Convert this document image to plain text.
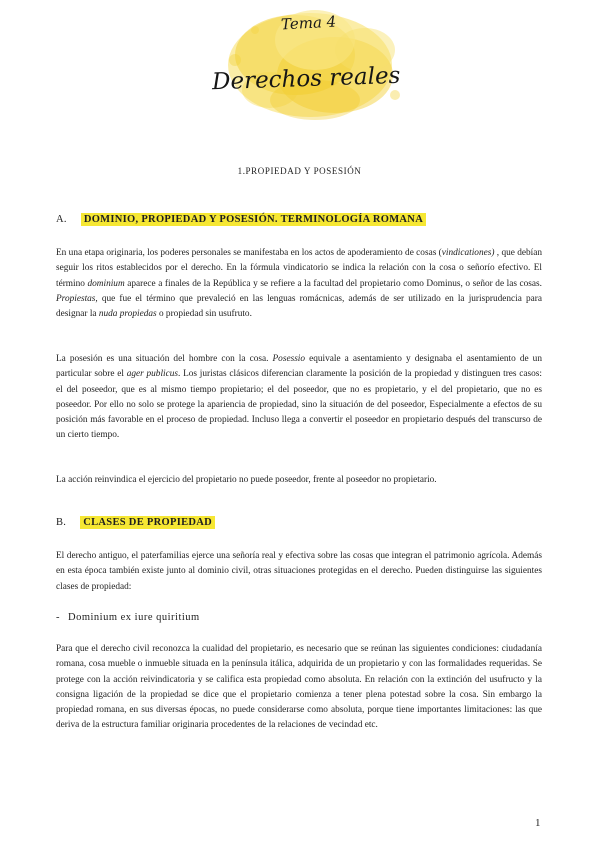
Tema 4
Derechos reales
1.PROPIEDAD Y POSESIÓN
A. DOMINIO, PROPIEDAD Y POSESIÓN. TERMINOLOGÍA ROMANA

En una etapa originaria, los poderes personales se manifestaba en los actos de apoderamiento de cosas (vindicationes) , que debían seguir los ritos establecidos por el derecho. En la fórmula vindicatorio se indica la relación con la cosa o señorío efectivo. El término dominium aparece a finales de la República y se refiere a la facultad del propietario como Dominus, o señor de las cosas. Propiestas, que fue el término que prevaleció en las lenguas romácnicas, además de ser utilizado en la jurisprudencia para designar la nuda propiedas o propiedad sin usufruto.

La posesión es una situación del hombre con la cosa. Posessio equivale a asentamiento y designaba el asentamiento de un particular sobre el ager publicus. Los juristas clásicos diferencian claramente la posición de la propiedad y distinguen tres casos: el del poseedor, que es al mismo tiempo propietario; el del poseedor, que no es propietario, y el del propietario, que no es poseedor. Por ello no solo se protege la apariencia de propiedad, sino la situación de del poseedor, Especialmente a efectos de su posición más favorable en el proceso de propiedad. Incluso llega a convertir el poseedor en propietario después del transcurso de un cierto tiempo.

La acción reinvindica el ejercicio del propietario no puede poseedor, frente al poseedor no propietario.

B. CLASES DE PROPIEDAD

El derecho antiguo, el paterfamilias ejerce una señoría real y efectiva sobre las cosas que integran el patrimonio agrícola. Además en esta época también existe junto al dominio civil, otras situaciones protegidas en el derecho. Pueden distinguirse las siguientes clases de propiedad:

- Dominium ex iure quiritium

Para que el derecho civil reconozca la cualidad del propietario, es necesario que se reúnan las siguientes condiciones: ciudadanía romana, cosa mueble o inmueble situada en la península itálica, adquirida de un propietario y con las formalidades requeridas. Se protege con la acción reivindicatoria y se califica esta propiedad como absoluta. En relación con la extinción del usufructo y la consigna ligación de la propiedad se dice que el propietario comienza a tener plena potestad sobre la cosa. Sin embargo la propiedad romana, en sus diversas épocas, no puede considerarse como absoluta, porque tiene importantes limitaciones: las que deriva de la estructura familiar originaria procedentes de la relaciones de vecindad etc.

1
